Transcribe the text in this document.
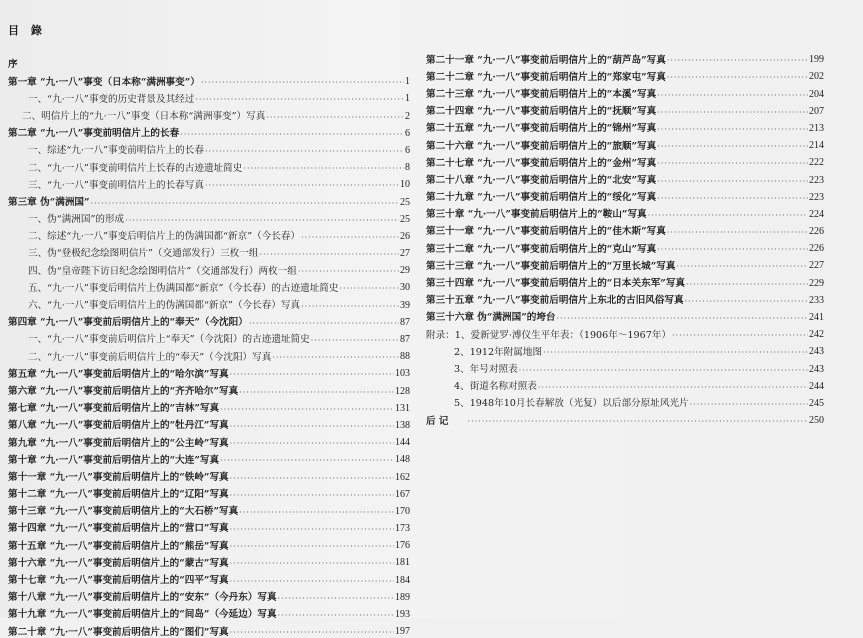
目 錄
序
第一章 “九·一八”事变（日本称“满洲事变”） ·····	1
一、“九·一八”事变的历史背景及其经过 ·····	1
二、明信片上的“九·一八”事变（日本称“满洲事变”）写真 ·····	2
第二章 “九·一八”事变前明信片上的长春 ·····	6
一、综述“九·一八”事变前明信片上的长春 ·····	6
二、“九·一八”事变前明信片上长春的古迹遗址简史 ·····	8
三、“九·一八”事变前明信片上的长春写真 ·····	10
第三章 伪“满洲国” ·····	25
一、伪“满洲国”的形成 ·····	25
二、综述“九·一八”事变后明信片上的伪满国都“新京”（今长春） ·····	26
三、伪“登极纪念绘图明信片”（交通部发行）三枚一组 ·····	27
四、伪“皇帝陛下访日纪念绘图明信片”（交通部发行）两枚一组 ·····	29
五、“九·一八”事变后明信片上伪满国都“新京”（今长春）的古迹遗址简史 ·····	30
六、“九·一八”事变后明信片上的伪满国都“新京”（今长春）写真 ·····	39
第四章 “九·一八”事变前后明信片上的“奉天”（今沈阳） ·····	87
一、“九·一八”事变前后明信片上“奉天”（今沈阳）的古迹遗址简史 ·····	87
二、“九·一八”事变前后明信片上的“奉天”（今沈阳）写真 ·····	88
第五章 “九·一八”事变前后明信片上的“哈尔滨”写真 ·····	103
第六章 “九·一八”事变前后明信片上的“齐齐哈尔”写真 ·····	128
第七章 “九·一八”事变前后明信片上的“吉林”写真 ·····	131
第八章 “九·一八”事变前后明信片上的“牡丹江”写真 ·····	138
第九章 “九·一八”事变前后明信片上的“公主岭”写真 ·····	144
第十章 “九·一八”事变前后明信片上的“大连”写真 ·····	148
第十一章 “九·一八”事变前后明信片上的“铁岭”写真 ·····	162
第十二章 “九·一八”事变前后明信片上的“辽阳”写真 ·····	167
第十三章 “九·一八”事变前后明信片上的“大石桥”写真 ·····	170
第十四章 “九·一八”事变前后明信片上的“营口”写真 ·····	173
第十五章 “九·一八”事变前后明信片上的“熊岳”写真 ·····	176
第十六章 “九·一八”事变前后明信片上的“蒙古”写真 ·····	181
第十七章 “九·一八”事变前后明信片上的“四平”写真 ·····	184
第十八章 “九·一八”事变前后明信片上的“安东”（今丹东）写真 ·····	189
第十九章 “九·一八”事变前后明信片上的“间岛”（今延边）写真 ·····	193
第二十章 “九·一八”事变前后明信片上的“图们”写真 ·····	197
第二十一章 “九·一八”事变前后明信片上的“葫芦岛”写真 ·····	199
第二十二章 “九·一八”事变前后明信片上的“郑家屯”写真 ·····	202
第二十三章 “九·一八”事变前后明信片上的“本溪”写真 ·····	204
第二十四章 “九·一八”事变前后明信片上的“抚顺”写真 ·····	207
第二十五章 “九·一八”事变前后明信片上的“锦州”写真 ·····	213
第二十六章 “九·一八”事变前后明信片上的“旅顺”写真 ·····	214
第二十七章 “九·一八”事变前后明信片上的“金州”写真 ·····	222
第二十八章 “九·一八”事变前后明信片上的“北安”写真 ·····	223
第二十九章 “九·一八”事变前后明信片上的“绥化”写真 ·····	223
第三十章 “九·一八”事变前后明信片上的“鞍山”写真 ·····	224
第三十一章 “九·一八”事变前后明信片上的“佳木斯”写真 ·····	226
第三十二章 “九·一八”事变前后明信片上的“克山”写真 ·····	226
第三十三章 “九·一八”事变前后明信片上的“万里长城”写真 ·····	227
第三十四章 “九·一八”事变前后明信片上的“日本关东军”写真 ·····	229
第三十五章 “九·一八”事变前后明信片上东北的古旧风俗写真 ·····	233
第三十六章 伪“满洲国”的垮台 ·····	241
附录：1、爱新觉罗·溥仪生平年表：（1906年～1967年） ·····	242
2、1912年附属地图 ·····	243
3、年号对照表 ·····	243
4、街道名称对照表 ·····	244
5、1948年10月长春解放（光复）以后部分原址风光片 ·····	245
后 记 ·····	250
